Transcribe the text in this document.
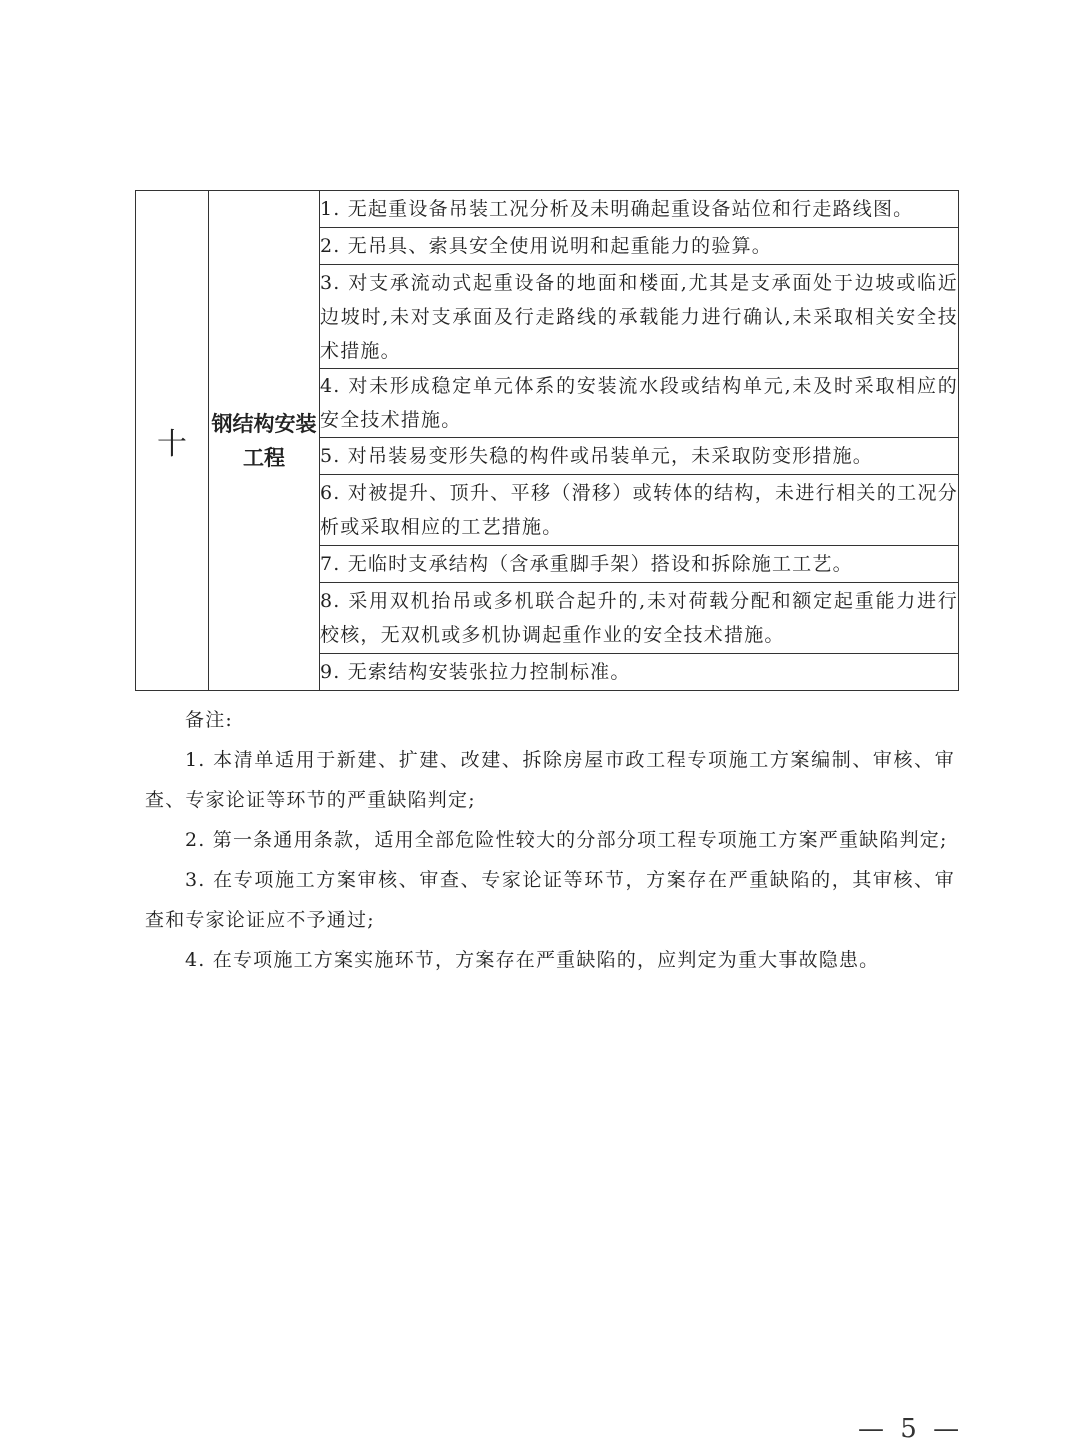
十	钢结构安装工程	1. 无起重设备吊装工况分析及未明确起重设备站位和行走路线图。
2. 无吊具、索具安全使用说明和起重能力的验算。
3. 对支承流动式起重设备的地面和楼面,尤其是支承面处于边坡或临近边坡时,未对支承面及行走路线的承载能力进行确认,未采取相关安全技术措施。
4. 对未形成稳定单元体系的安装流水段或结构单元,未及时采取相应的安全技术措施。
5. 对吊装易变形失稳的构件或吊装单元，未采取防变形措施。
6. 对被提升、顶升、平移（滑移）或转体的结构，未进行相关的工况分析或采取相应的工艺措施。
7. 无临时支承结构（含承重脚手架）搭设和拆除施工工艺。
8. 采用双机抬吊或多机联合起升的,未对荷载分配和额定起重能力进行校核，无双机或多机协调起重作业的安全技术措施。
9. 无索结构安装张拉力控制标准。
备注:
1. 本清单适用于新建、扩建、改建、拆除房屋市政工程专项施工方案编制、审核、审查、专家论证等环节的严重缺陷判定;
2. 第一条通用条款，适用全部危险性较大的分部分项工程专项施工方案严重缺陷判定;
3. 在专项施工方案审核、审查、专家论证等环节，方案存在严重缺陷的，其审核、审查和专家论证应不予通过;
4. 在专项施工方案实施环节，方案存在严重缺陷的，应判定为重大事故隐患。
— 5 —
